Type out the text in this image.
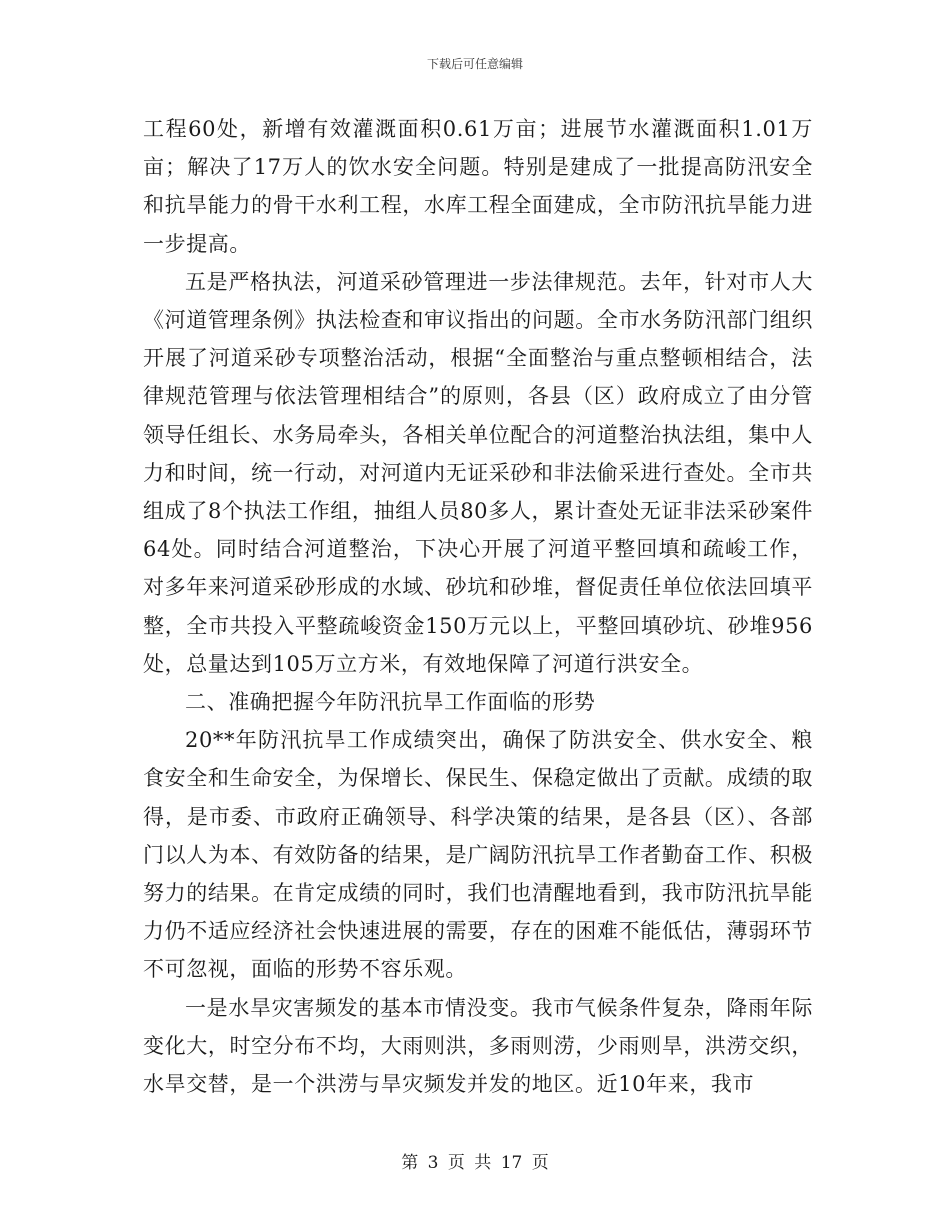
下载后可任意编辑

工程60处，新增有效灌溉面积0.61万亩；进展节水灌溉面积1.01万亩；解决了17万人的饮水安全问题。特别是建成了一批提高防汛安全和抗旱能力的骨干水利工程，水库工程全面建成，全市防汛抗旱能力进一步提高。

五是严格执法，河道采砂管理进一步法律规范。去年，针对市人大《河道管理条例》执法检查和审议指出的问题。全市水务防汛部门组织开展了河道采砂专项整治活动，根据“全面整治与重点整顿相结合，法律规范管理与依法管理相结合”的原则，各县（区）政府成立了由分管领导任组长、水务局牵头，各相关单位配合的河道整治执法组，集中人力和时间，统一行动，对河道内无证采砂和非法偷采进行查处。全市共组成了8个执法工作组，抽组人员80多人，累计查处无证非法采砂案件64处。同时结合河道整治，下决心开展了河道平整回填和疏峻工作，对多年来河道采砂形成的水域、砂坑和砂堆，督促责任单位依法回填平整，全市共投入平整疏峻资金150万元以上，平整回填砂坑、砂堆956处，总量达到105万立方米，有效地保障了河道行洪安全。

二、准确把握今年防汛抗旱工作面临的形势

20**年防汛抗旱工作成绩突出，确保了防洪安全、供水安全、粮食安全和生命安全，为保增长、保民生、保稳定做出了贡献。成绩的取得，是市委、市政府正确领导、科学决策的结果，是各县（区）、各部门以人为本、有效防备的结果，是广阔防汛抗旱工作者勤奋工作、积极努力的结果。在肯定成绩的同时，我们也清醒地看到，我市防汛抗旱能力仍不适应经济社会快速进展的需要，存在的困难不能低估，薄弱环节不可忽视，面临的形势不容乐观。

一是水旱灾害频发的基本市情没变。我市气候条件复杂，降雨年际变化大，时空分布不均，大雨则洪，多雨则涝，少雨则旱，洪涝交织，水旱交替，是一个洪涝与旱灾频发并发的地区。近10年来，我市

第 3 页 共 17 页
